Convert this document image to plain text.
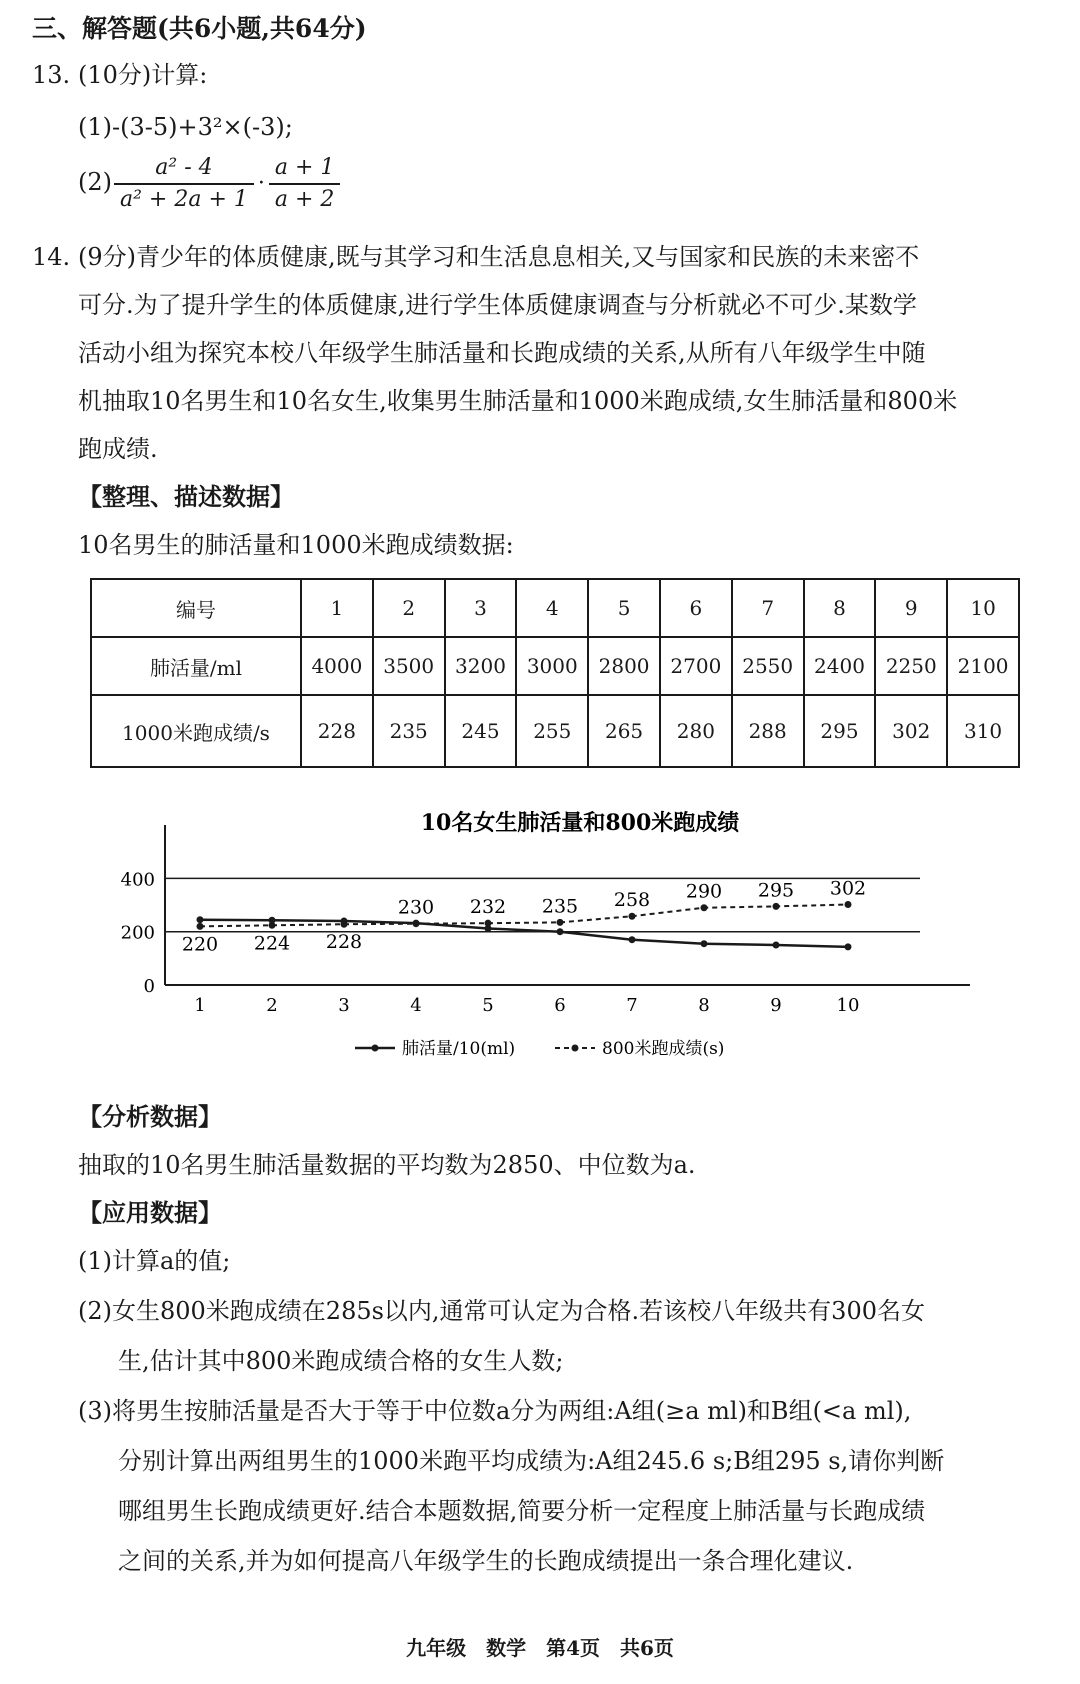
三、解答题(共6小题,共64分)
13. (10分)计算:
(1)-(3-5)+3²×(-3);
$(2) \frac{\text{a² - 4}}{\text{a² + 2a + 1}} \cdot \frac{a + 1}{a + 2}$
14. (9分)青少年的体质健康,既与其学习和生活息息相关,又与国家和民族的未来密不
可分.为了提升学生的体质健康,进行学生体质健康调查与分析就必不可少.某数学
活动小组为探究本校八年级学生肺活量和长跑成绩的关系,从所有八年级学生中随
机抽取10名男生和10名女生,收集男生肺活量和1000米跑成绩,女生肺活量和800米
跑成绩.
【整理、描述数据】
10名男生的肺活量和1000米跑成绩数据:
编号	1	2	3	4	5	6	7	8	9	10
肺活量/ml	4000	3500	3200	3000	2800	2700	2550	2400	2250	2100
1000米跑成绩/s	228	235	245	255	265	280	288	295	302	310
10名女生肺活量和800米跑成绩
0
200
400
1	2	3	4	5	6	7	8	9	10
220 224 228
230 232 235 258 290 295 302
肺活量/10(ml)	800米跑成绩(s)
【分析数据】
抽取的10名男生肺活量数据的平均数为2850、中位数为a.
【应用数据】
(1)计算a的值;
(2)女生800米跑成绩在285s以内,通常可认定为合格.若该校八年级共有300名女
生,估计其中800米跑成绩合格的女生人数;
(3)将男生按肺活量是否大于等于中位数a分为两组:A组(≥a ml)和B组(<a ml),
分别计算出两组男生的1000米跑平均成绩为:A组245.6 s;B组295 s,请你判断
哪组男生长跑成绩更好.结合本题数据,简要分析一定程度上肺活量与长跑成绩
之间的关系,并为如何提高八年级学生的长跑成绩提出一条合理化建议.
九年级　数学　第4页　共6页
